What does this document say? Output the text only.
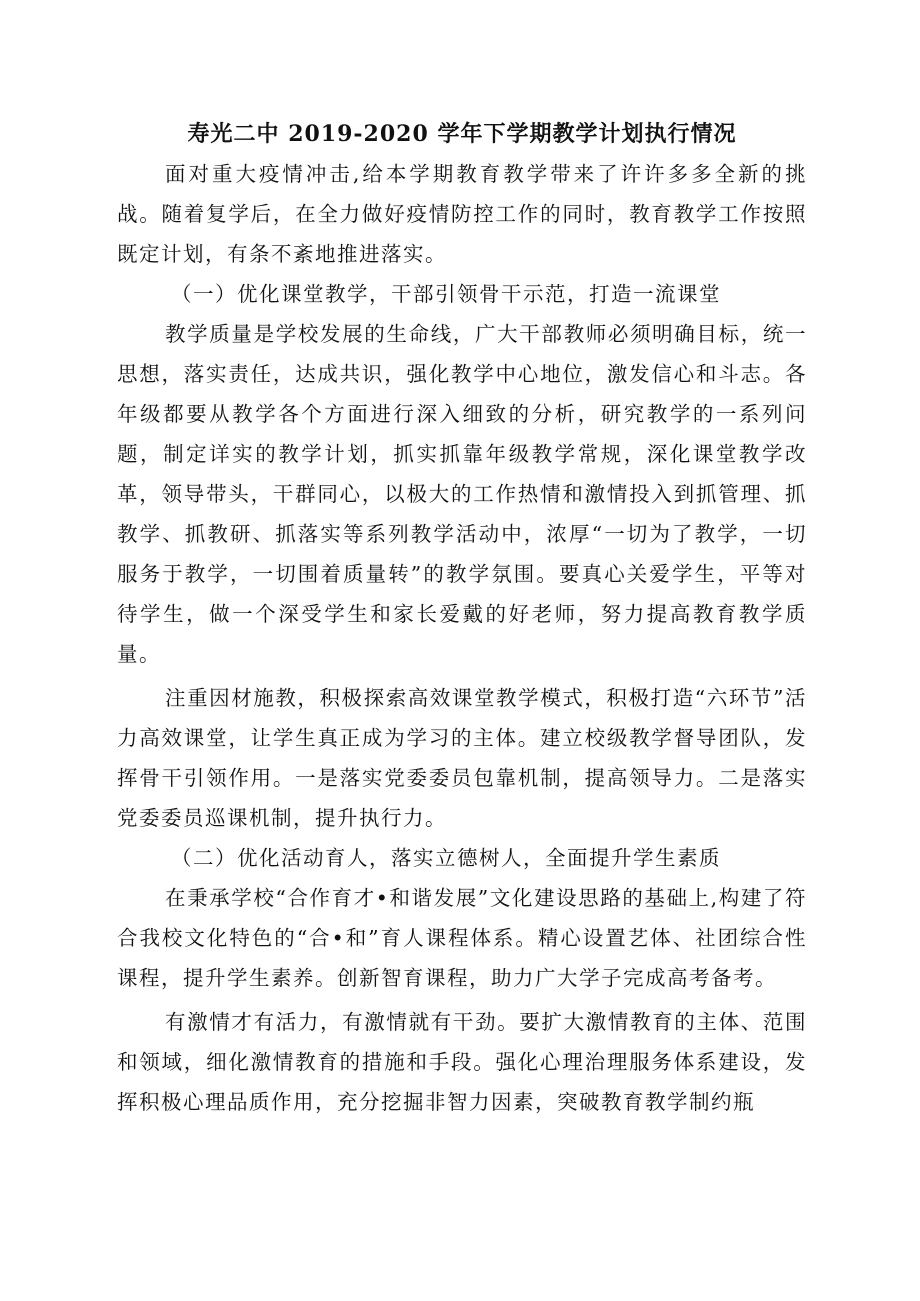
寿光二中 2019-2020 学年下学期教学计划执行情况

面对重大疫情冲击,给本学期教育教学带来了许许多多全新的挑战。随着复学后，在全力做好疫情防控工作的同时，教育教学工作按照既定计划，有条不紊地推进落实。

（一）优化课堂教学，干部引领骨干示范，打造一流课堂

教学质量是学校发展的生命线，广大干部教师必须明确目标，统一思想，落实责任，达成共识，强化教学中心地位，激发信心和斗志。各年级都要从教学各个方面进行深入细致的分析，研究教学的一系列问题，制定详实的教学计划，抓实抓靠年级教学常规，深化课堂教学改革，领导带头，干群同心，以极大的工作热情和激情投入到抓管理、抓教学、抓教研、抓落实等系列教学活动中，浓厚“一切为了教学，一切服务于教学，一切围着质量转”的教学氛围。要真心关爱学生，平等对待学生，做一个深受学生和家长爱戴的好老师，努力提高教育教学质量。

注重因材施教，积极探索高效课堂教学模式，积极打造“六环节”活力高效课堂，让学生真正成为学习的主体。建立校级教学督导团队，发挥骨干引领作用。一是落实党委委员包靠机制，提高领导力。二是落实党委委员巡课机制，提升执行力。

（二）优化活动育人，落实立德树人，全面提升学生素质

在秉承学校“合作育才•和谐发展”文化建设思路的基础上,构建了符合我校文化特色的“合•和”育人课程体系。精心设置艺体、社团综合性课程，提升学生素养。创新智育课程，助力广大学子完成高考备考。

有激情才有活力，有激情就有干劲。要扩大激情教育的主体、范围和领域，细化激情教育的措施和手段。强化心理治理服务体系建设，发挥积极心理品质作用，充分挖掘非智力因素，突破教育教学制约瓶
